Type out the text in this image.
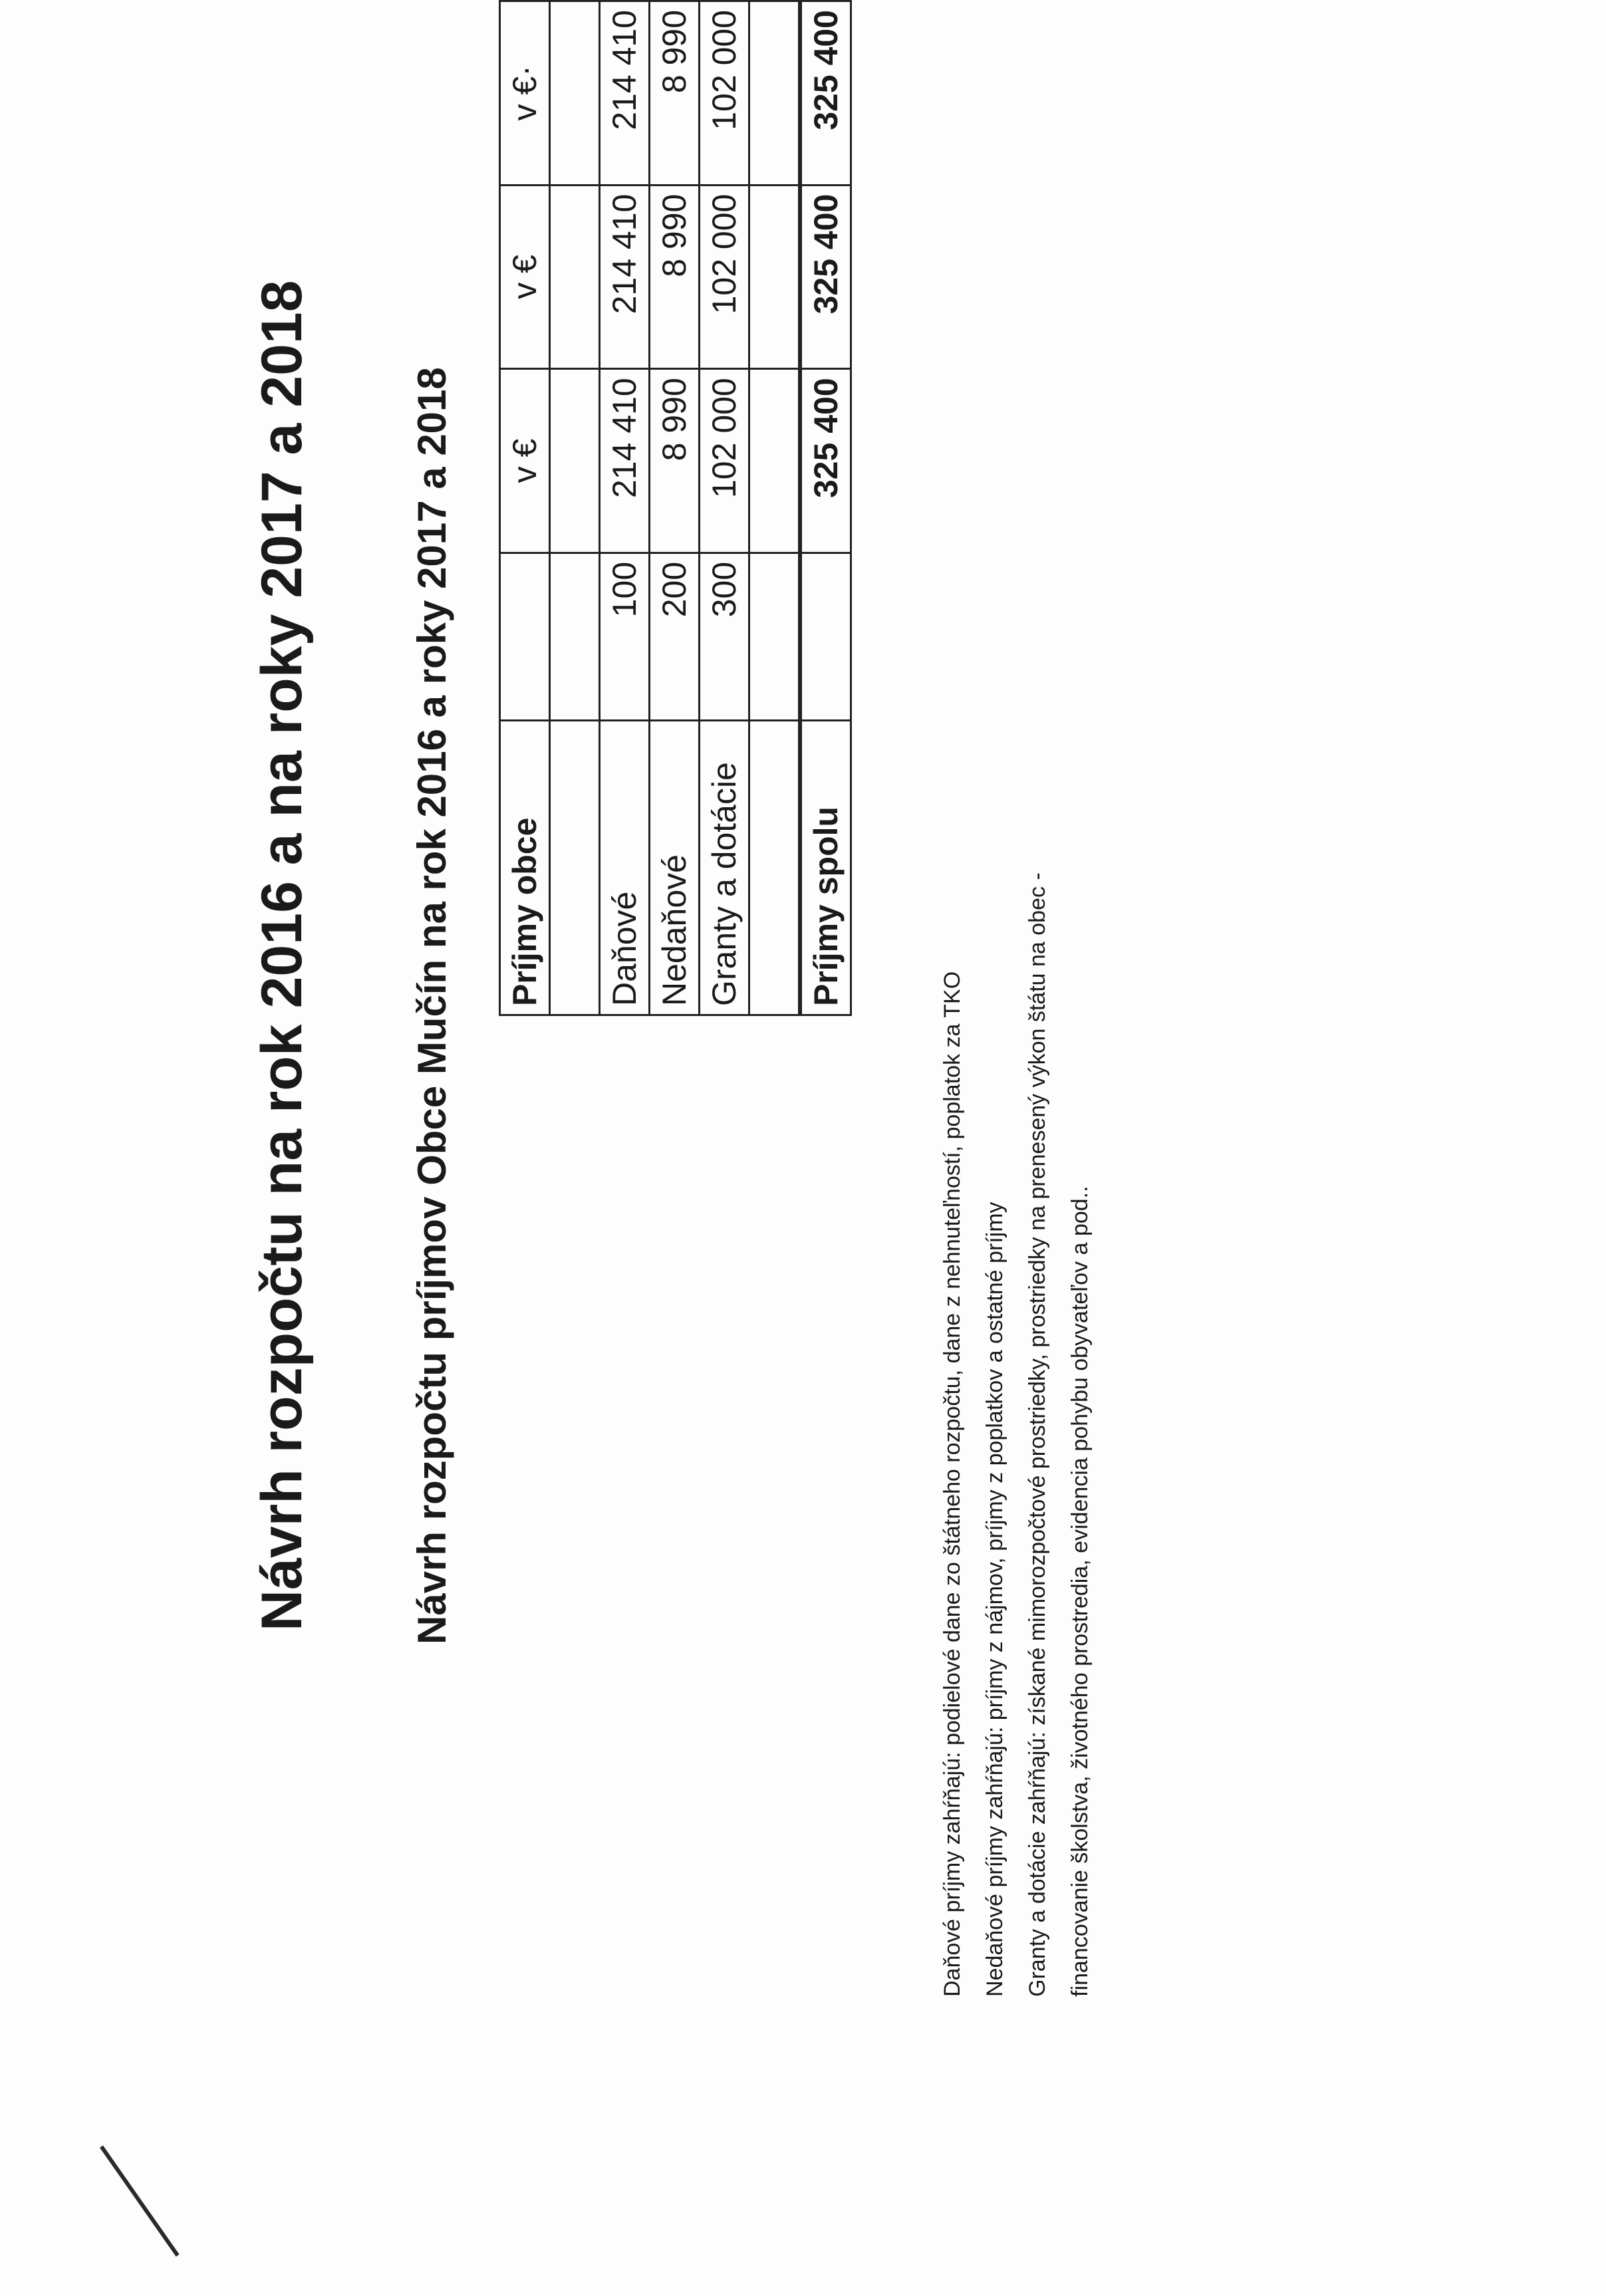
Návrh rozpočtu na rok 2016 a na roky 2017 a 2018 Návrh rozpočtu príjmov Obce Mučín na rok 2016 a roky 2017 a 2018 Príjmy obce		v €	v €	v €·

Daňové	100	214 410	214 410	214 410
Nedaňové	200	8 990	8 990	8 990
Granty a dotácie	300	102 000	102 000	102 000

Príjmy spolu		325 400	325 400	325 400
Daňové príjmy zahŕňajú: podielové dane zo štátneho rozpočtu, dane z nehnuteľností, poplatok za TKO Nedaňové príjmy zahŕňajú: príjmy z nájmov, príjmy z poplatkov a ostatné príjmy Granty a dotácie zahŕňajú: získané mimorozpočtové prostriedky, prostriedky na prenesený výkon štátu na obec - financovanie školstva, životného prostredia, evidencia pohybu obyvateľov a pod..
